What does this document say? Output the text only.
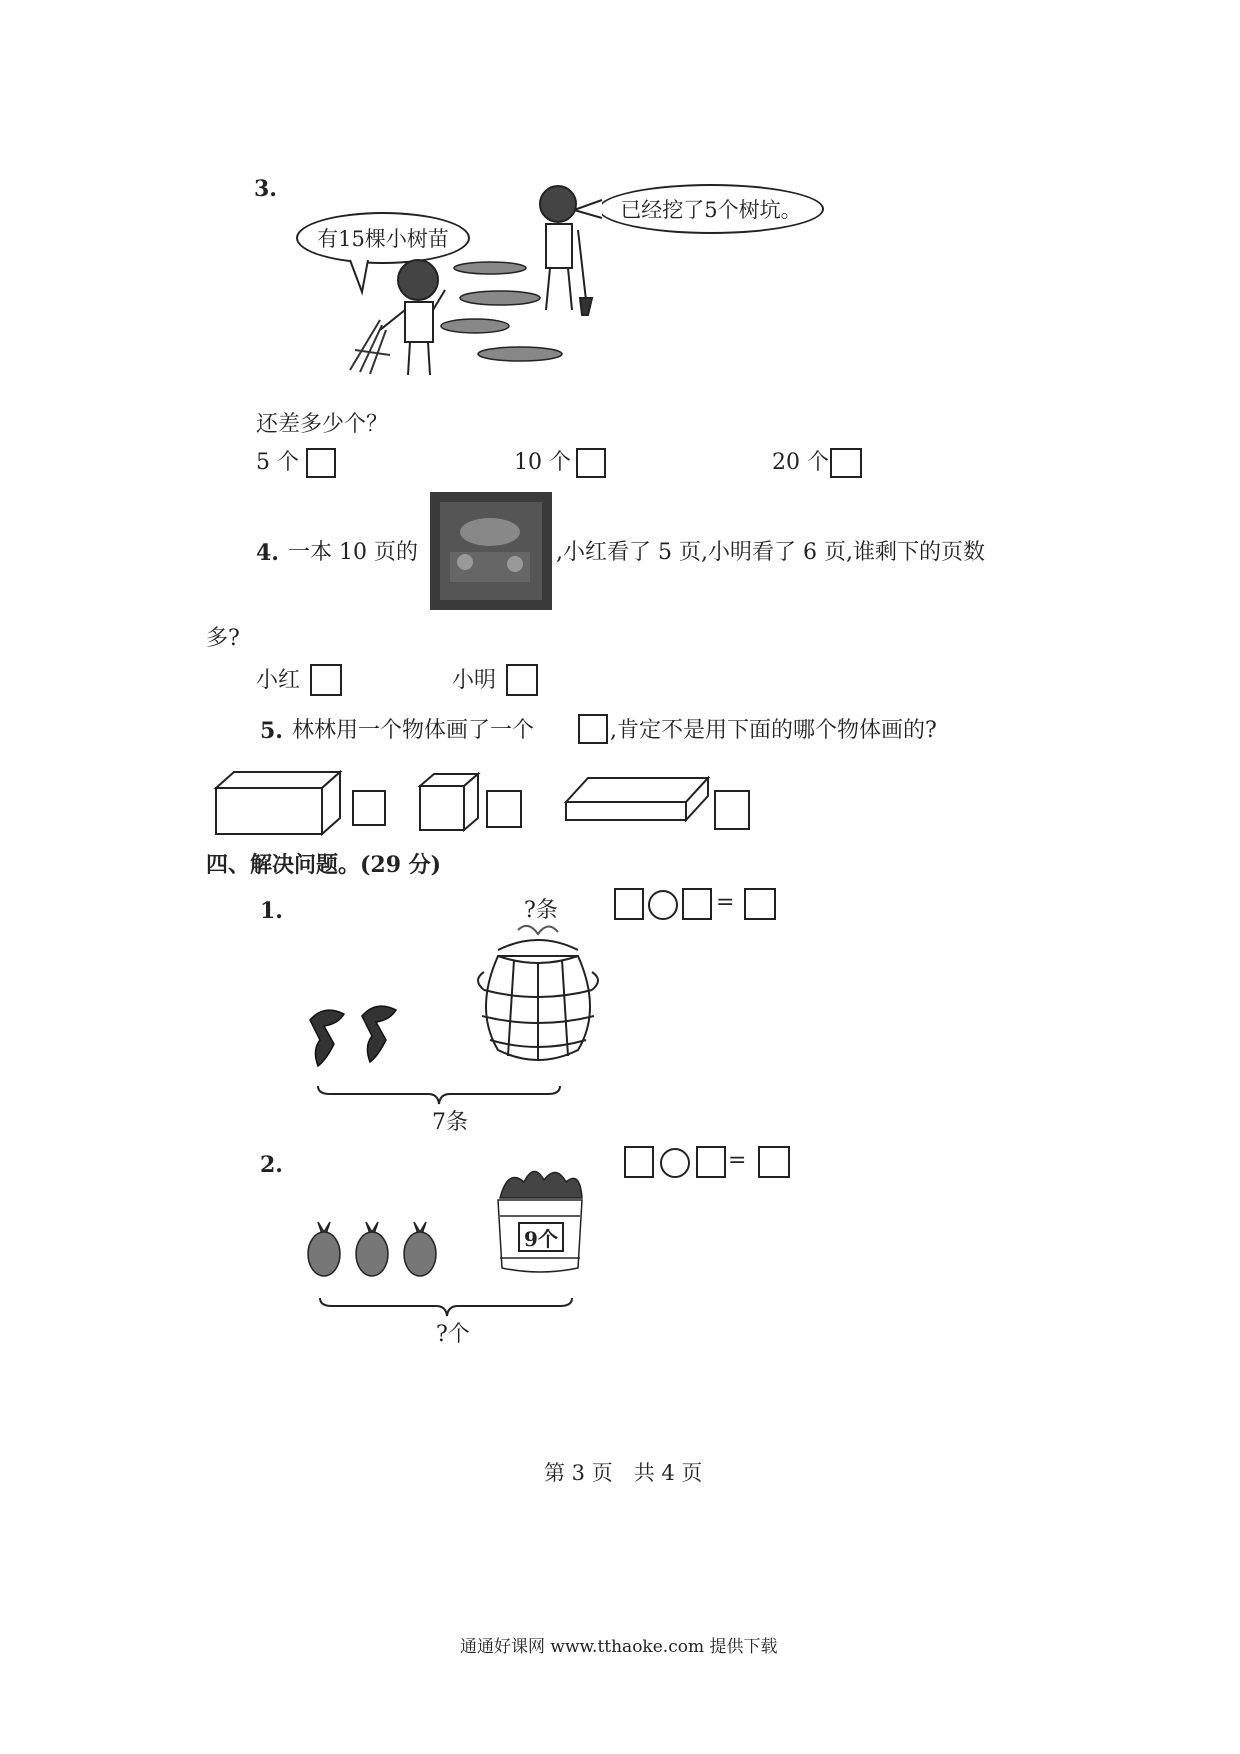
3.
有15棵小树苗
已经挖了5个树坑。
还差多少个？
5 个	10 个	20 个
4. 一本 10 页的	,小红看了 5 页,小明看了 6 页,谁剩下的页数
多?
小红	小明
5. 林林用一个物体画了一个	,肯定不是用下面的哪个物体画的?
四、解决问题。(29 分)
1.	?条	=
7条
2.	=
9个
?个
第 3 页　共 4 页
通通好课网 www.tthaoke.com 提供下载
